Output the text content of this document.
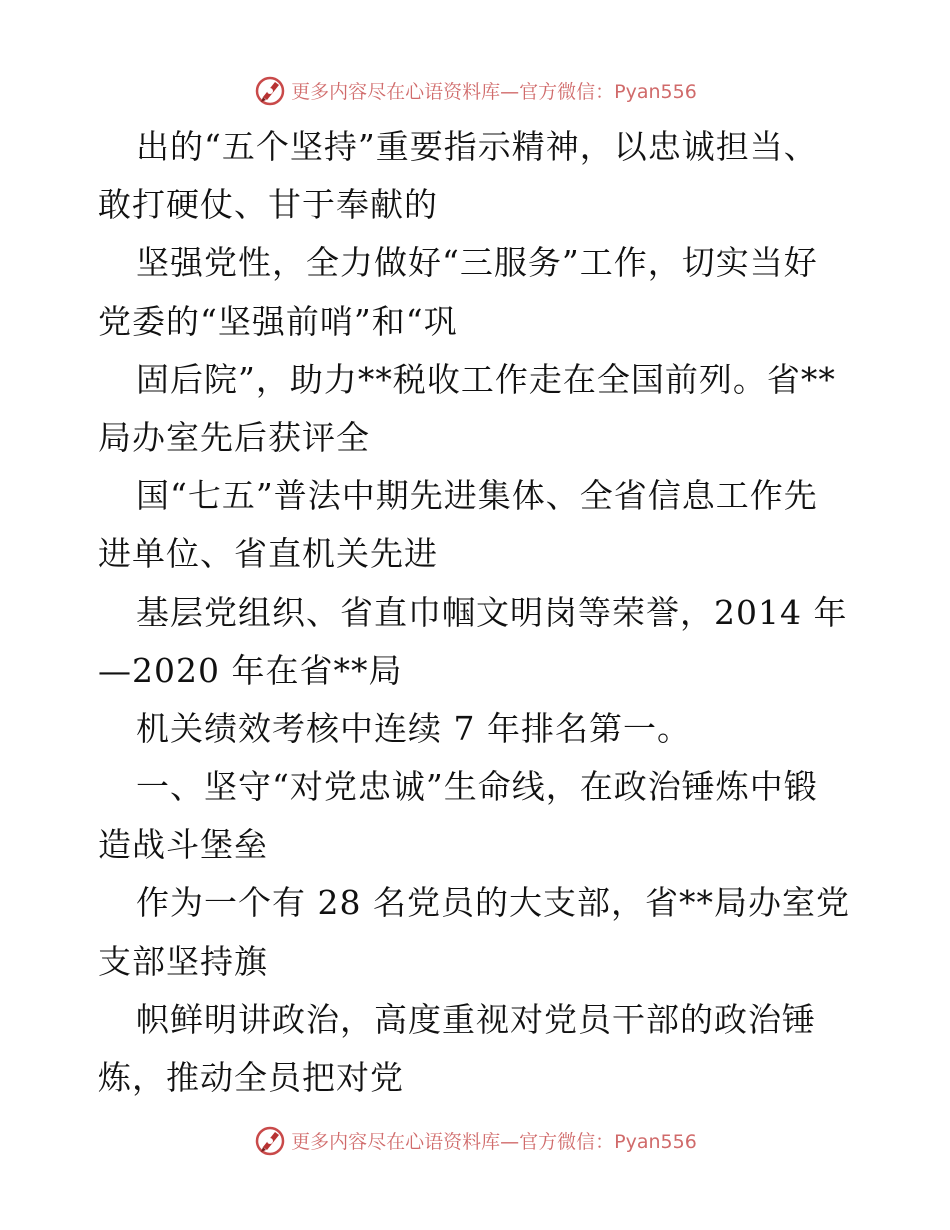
更多内容尽在心语资料库—官方微信：Pyan556
出的“五个坚持”重要指示精神，以忠诚担当、
敢打硬仗、甘于奉献的
坚强党性，全力做好“三服务”工作，切实当好
党委的“坚强前哨”和“巩
固后院”，助力**税收工作走在全国前列。省**
局办室先后获评全
国“七五”普法中期先进集体、全省信息工作先
进单位、省直机关先进
基层党组织、省直巾帼文明岗等荣誉，2014 年
—2020 年在省**局
机关绩效考核中连续 7 年排名第一。
一、坚守“对党忠诚”生命线，在政治锤炼中锻
造战斗堡垒
作为一个有 28 名党员的大支部，省**局办室党
支部坚持旗
帜鲜明讲政治，高度重视对党员干部的政治锤
炼，推动全员把对党
更多内容尽在心语资料库—官方微信：Pyan556
